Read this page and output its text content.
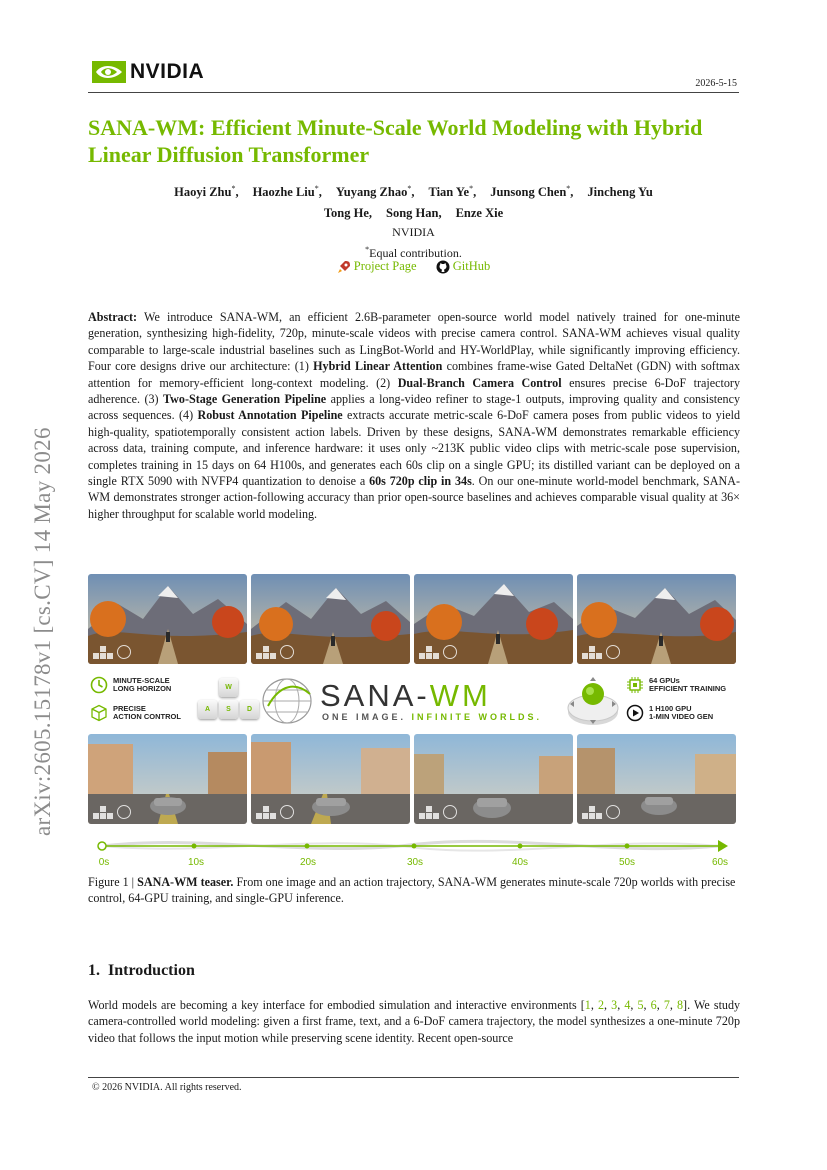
NVIDIA
2026-5-15
SANA-WM: Efficient Minute-Scale World Modeling with Hybrid Linear Diffusion Transformer
Haoyi Zhu*, Haozhe Liu*, Yuyang Zhao*, Tian Ye*, Junsong Chen*, Jincheng Yu
Tong He, Song Han, Enze Xie
NVIDIA
*Equal contribution.
Project Page
	GitHub

Abstract: We introduce SANA-WM, an efficient 2.6B-parameter open-source world model natively trained for one-minute generation, synthesizing high-fidelity, 720p, minute-scale videos with precise camera control. SANA-WM achieves visual quality comparable to large-scale industrial baselines such as LingBot-World and HY-WorldPlay, while significantly improving efficiency. Four core designs drive our architecture: (1) Hybrid Linear Attention combines frame-wise Gated DeltaNet (GDN) with softmax attention for memory-efficient long-context modeling. (2) Dual-Branch Camera Control ensures precise 6-DoF trajectory adherence. (3) Two-Stage Generation Pipeline applies a long-video refiner to stage-1 outputs, improving quality and consistency across sequences. (4) Robust Annotation Pipeline extracts accurate metric-scale 6-DoF camera poses from public videos to yield high-quality, spatiotemporally consistent action labels. Driven by these designs, SANA-WM demonstrates remarkable efficiency across data, training compute, and inference hardware: it uses only ~213K public video clips with metric-scale pose supervision, completes training in 15 days on 64 H100s, and generates each 60s clip on a single GPU; its distilled variant can be deployed on a single RTX 5090 with NVFP4 quantization to denoise a 60s 720p clip in 34s. On our one-minute world-model benchmark, SANA-WM demonstrates stronger action-following accuracy than prior open-source baselines and achieves comparable visual quality at 36× higher throughput for scalable world modeling.

MINUTE-SCALE
LONG HORIZON
PRECISE
ACTION CONTROL
W
A	S	D SANA-WM
ONE IMAGE. INFINITE WORLDS.
64 GPUs
EFFICIENT TRAINING
1 H100 GPU
1-MIN VIDEO GEN
0s	10s	20s	30s	40s	50s	60s

Figure 1 | SANA-WM teaser. From one image and an action trajectory, SANA-WM generates minute-scale 720p worlds with precise control, 64-GPU training, and single-GPU inference.

1. Introduction

World models are becoming a key interface for embodied simulation and interactive environments [1, 2, 3, 4, 5, 6, 7, 8]. We study camera-controlled world modeling: given a first frame, text, and a 6-DoF camera trajectory, the model synthesizes a one-minute 720p video that follows the input motion while preserving scene identity. Recent open-source

© 2026 NVIDIA. All rights reserved.
arXiv:2605.15178v1 [cs.CV] 14 May 2026
